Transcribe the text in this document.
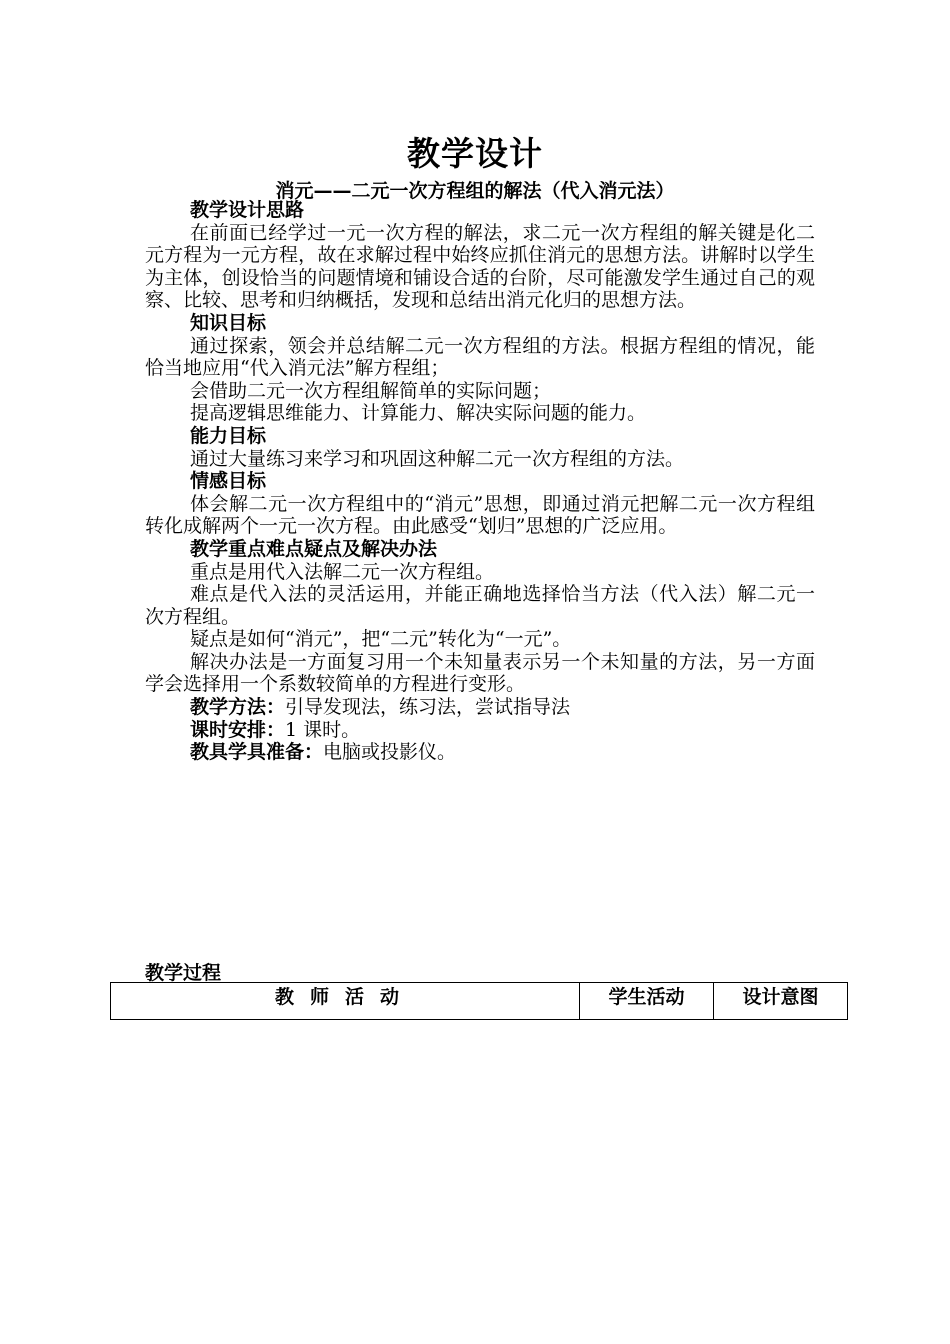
教学设计
消元——二元一次方程组的解法（代入消元法）
教学设计思路
在前面已经学过一元一次方程的解法，求二元一次方程组的解关键是化二元方程为一元方程，故在求解过程中始终应抓住消元的思想方法。讲解时以学生为主体，创设恰当的问题情境和铺设合适的台阶，尽可能激发学生通过自己的观察、比较、思考和归纳概括，发现和总结出消元化归的思想方法。
知识目标
通过探索，领会并总结解二元一次方程组的方法。根据方程组的情况，能恰当地应用“代入消元法”解方程组；
会借助二元一次方程组解简单的实际问题；
提高逻辑思维能力、计算能力、解决实际问题的能力。
能力目标
通过大量练习来学习和巩固这种解二元一次方程组的方法。
情感目标
体会解二元一次方程组中的“消元”思想，即通过消元把解二元一次方程组转化成解两个一元一次方程。由此感受“划归”思想的广泛应用。
教学重点难点疑点及解决办法
重点是用代入法解二元一次方程组。
难点是代入法的灵活运用，并能正确地选择恰当方法（代入法）解二元一次方程组。
疑点是如何“消元”，把“二元”转化为“一元”。
解决办法是一方面复习用一个未知量表示另一个未知量的方法，另一方面学会选择用一个系数较简单的方程进行变形。
教学方法：引导发现法，练习法，尝试指导法
课时安排：1 课时。
教具学具准备：电脑或投影仪。
教学过程
教师活动	学生活动	设计意图
